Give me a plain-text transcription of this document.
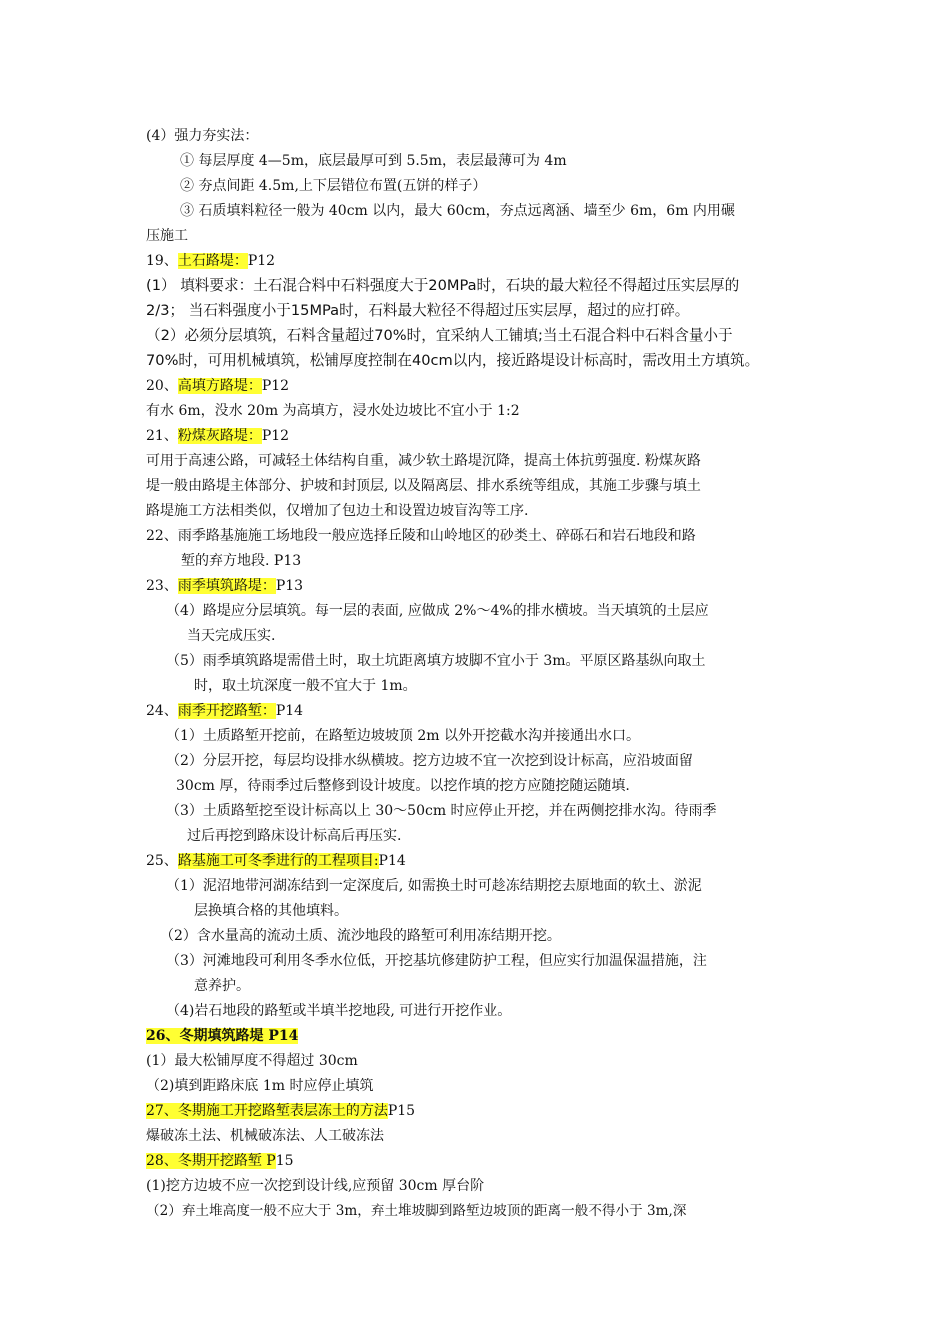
(4）强力夯实法：
① 每层厚度 4—5m，底层最厚可到 5.5m，表层最薄可为 4m
② 夯点间距 4.5m,上下层错位布置(五饼的样子）
③ 石质填料粒径一般为 40cm 以内，最大 60cm，夯点远离涵、墙至少 6m，6m 内用碾
压施工
19、土石路堤：P12
(1） 填料要求：土石混合料中石料强度大于20MPa时，石块的最大粒径不得超过压实层厚的
2/3； 当石料强度小于15MPa时，石料最大粒径不得超过压实层厚，超过的应打碎。
（2）必须分层填筑，石料含量超过70%时，宜采纳人工铺填;当土石混合料中石料含量小于
70%时，可用机械填筑，松铺厚度控制在40cm以内，接近路堤设计标高时，需改用土方填筑。
20、高填方路堤：P12
有水 6m，没水 20m 为高填方，浸水处边坡比不宜小于 1:2
21、粉煤灰路堤：P12
可用于高速公路，可减轻土体结构自重，减少软土路堤沉降，提高土体抗剪强度. 粉煤灰路
堤一般由路堤主体部分、护坡和封顶层, 以及隔离层、排水系统等组成，其施工步骤与填土
路堤施工方法相类似，仅增加了包边土和设置边坡盲沟等工序.
22、雨季路基施施工场地段一般应选择丘陵和山岭地区的砂类土、碎砾石和岩石地段和路
堑的弃方地段. P13
23、雨季填筑路堤：P13
（4）路堤应分层填筑。每一层的表面, 应做成 2%～4%的排水横坡。当天填筑的土层应
当天完成压实.
（5）雨季填筑路堤需借土时，取土坑距离填方坡脚不宜小于 3m。平原区路基纵向取土
时，取土坑深度一般不宜大于 1m。
24、雨季开挖路堑：P14
（1）土质路堑开挖前，在路堑边坡坡顶 2m 以外开挖截水沟并接通出水口。
（2）分层开挖，每层均设排水纵横坡。挖方边坡不宜一次挖到设计标高，应沿坡面留
30cm 厚，待雨季过后整修到设计坡度。以挖作填的挖方应随挖随运随填.
（3）土质路堑挖至设计标高以上 30～50cm 时应停止开挖，并在两侧挖排水沟。待雨季
过后再挖到路床设计标高后再压实.
25、路基施工可冬季进行的工程项目:P14
（1）泥沼地带河湖冻结到一定深度后, 如需换土时可趁冻结期挖去原地面的软土、淤泥
层换填合格的其他填料。
（2）含水量高的流动土质、流沙地段的路堑可利用冻结期开挖。
（3）河滩地段可利用冬季水位低，开挖基坑修建防护工程，但应实行加温保温措施，注
意养护。
（4)岩石地段的路堑或半填半挖地段, 可进行开挖作业。
26、冬期填筑路堤 P14
(1）最大松铺厚度不得超过 30cm
（2)填到距路床底 1m 时应停止填筑
27、冬期施工开挖路堑表层冻土的方法P15
爆破冻土法、机械破冻法、人工破冻法
28、冬期开挖路堑 P15
(1)挖方边坡不应一次挖到设计线,应预留 30cm 厚台阶
（2）弃土堆高度一般不应大于 3m，弃土堆坡脚到路堑边坡顶的距离一般不得小于 3m,深
